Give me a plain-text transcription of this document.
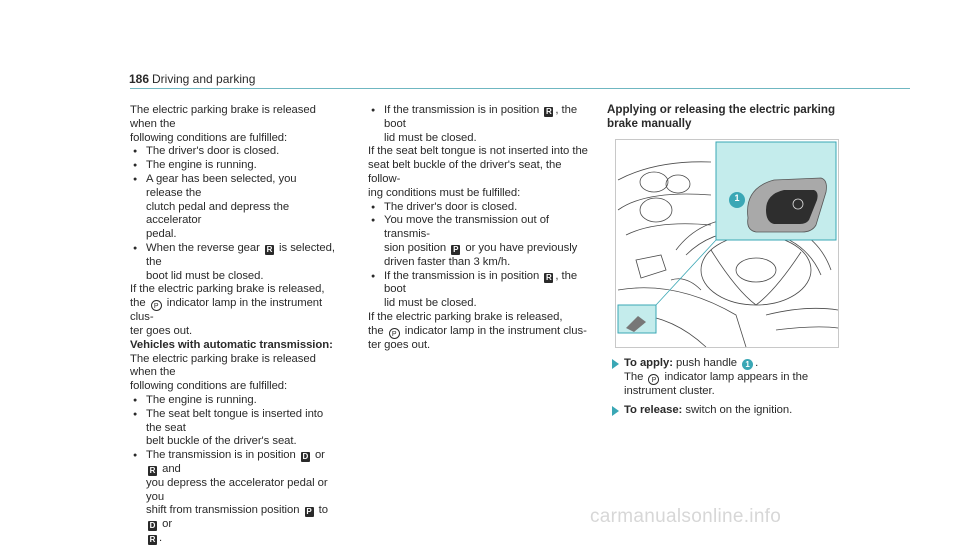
186 Driving and parking

The electric parking brake is released when the

following conditions are fulfilled:

● The driver's door is closed.
● The engine is running.
● A gear has been selected, you release the
clutch pedal and depress the accelerator
pedal.
● When the reverse gear R is selected, the
boot lid must be closed.

If the electric parking brake is released,

the P indicator lamp in the instrument clus-

ter goes out.

Vehicles with automatic transmission:

The electric parking brake is released when the

following conditions are fulfilled:

● The engine is running.
● The seat belt tongue is inserted into the seat
belt buckle of the driver's seat.
● The transmission is in position D or R and
you depress the accelerator pedal or you
shift from transmission position P to D or
R .
● If the transmission is in position R , the boot
lid must be closed.

If the seat belt tongue is not inserted into the

seat belt buckle of the driver's seat, the follow-

ing conditions must be fulfilled:

● The driver's door is closed.
● You move the transmission out of transmis-
sion position P or you have previously
driven faster than 3 km/h.
● If the transmission is in position R , the boot
lid must be closed.

If the electric parking brake is released,

the P indicator lamp in the instrument clus-

ter goes out.

Applying or releasing the electric parking
brake manually
1

To apply: push handle 1 .

The P indicator lamp appears in the

instrument cluster.

To release: switch on the ignition.

carmanualsonline.info
